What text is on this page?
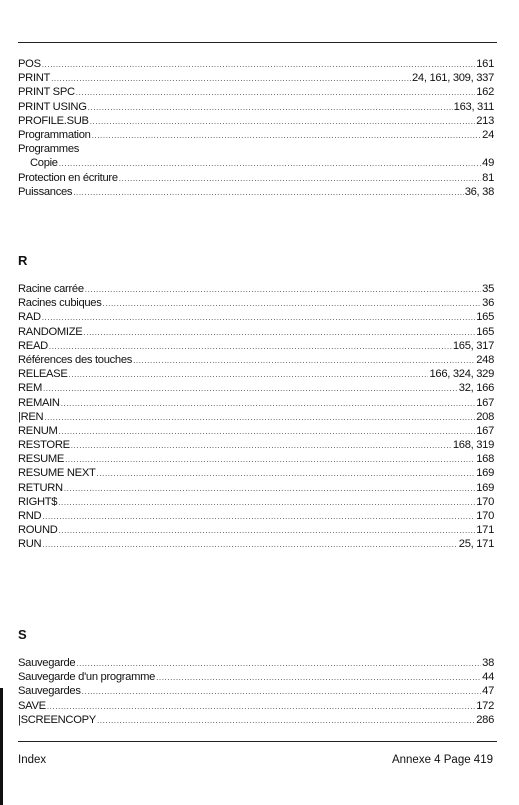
POS .....	161
PRINT .....	24, 161, 309, 337
PRINT SPC .....	162
PRINT USING .....	163, 311
PROFILE.SUB .....	213
Programmation .....	24
Programmes
Copie .....	49
Protection en écriture .....	81
Puissances .....	36, 38
R
Racine carrée .....	35
Racines cubiques .....	36
RAD .....	165
RANDOMIZE .....	165
READ .....	165, 317
Références des touches .....	248
RELEASE .....	166, 324, 329
REM .....	32, 166
REMAIN .....	167
|REN .....	208
RENUM .....	167
RESTORE .....	168, 319
RESUME .....	168
RESUME NEXT .....	169
RETURN .....	169
RIGHT$ .....	170
RND .....	170
ROUND .....	171
RUN .....	25, 171
S
Sauvegarde .....	38
Sauvegarde d'un programme .....	44
Sauvegardes .....	47
SAVE .....	172
|SCREENCOPY .....	286
Index	Annexe 4 Page 419
